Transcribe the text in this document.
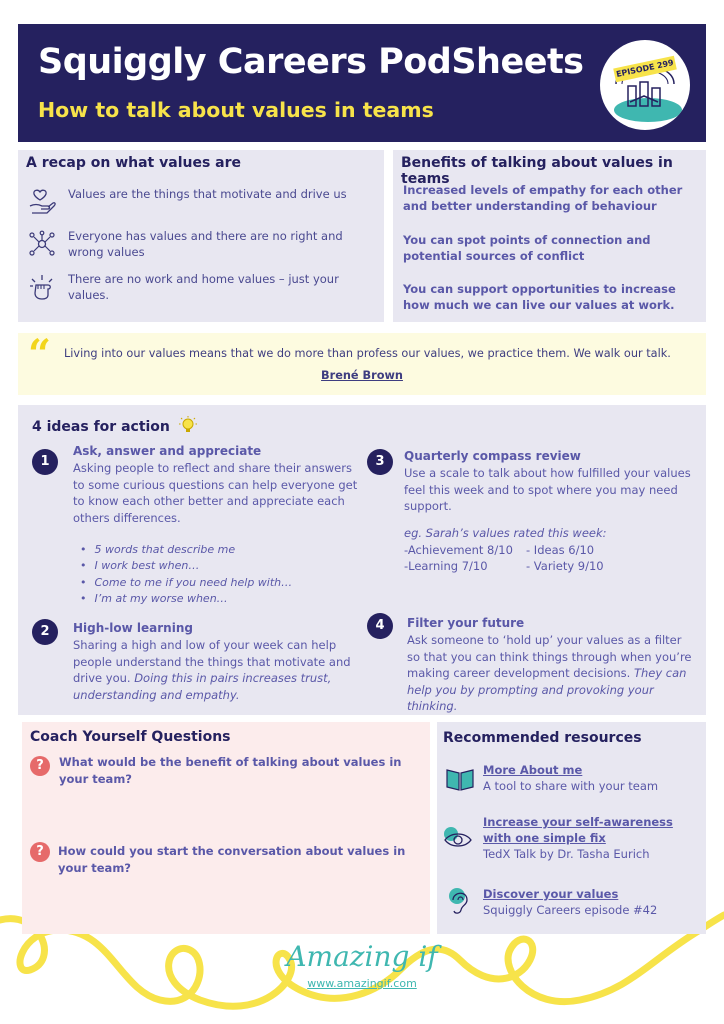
Squiggly Careers PodSheets
How to talk about values in teams
EPISODE 299
A recap on what values are
Values are the things that motivate and drive us
Everyone has values and there are no right and wrong values
There are no work and home values – just your values.
Benefits of talking about values in teams
Increased levels of empathy for each other and better understanding of behaviour
You can spot points of connection and potential sources of conflict
You can support opportunities to increase how much we can live our values at work.
“ Living into our values means that we do more than profess our values, we practice them. We walk our talk.
Brené Brown
4 ideas for action
1
Ask, answer and appreciate
Asking people to reflect and share their answers to some curious questions can help everyone get to know each other better and appreciate each others differences.
• 5 words that describe me
• I work best when…
• Come to me if you need help with…
• I’m at my worse when…
2	High-low learning
Sharing a high and low of your week can help people understand the things that motivate and drive you. Doing this in pairs increases trust, understanding and empathy.
3	Quarterly compass review
Use a scale to talk about how fulfilled your values feel this week and to spot where you may need support.
eg. Sarah’s values rated this week:
-Achievement 8/10 - Ideas 6/10
-Learning 7/10	- Variety 9/10
4	Filter your future
Ask someone to ‘hold up’ your values as a filter so that you can think things through when you’re making career development decisions. They can help you by prompting and provoking your thinking.
Coach Yourself Questions
?	What would be the benefit of talking about values in your team?
?	How could you start the conversation about values in your team?
Recommended resources
More About me
A tool to share with your team
Increase your self-awareness with one simple fix
TedX Talk by Dr. Tasha Eurich
Discover your values
Squiggly Careers episode #42
Amazing if
www.amazingif.com
